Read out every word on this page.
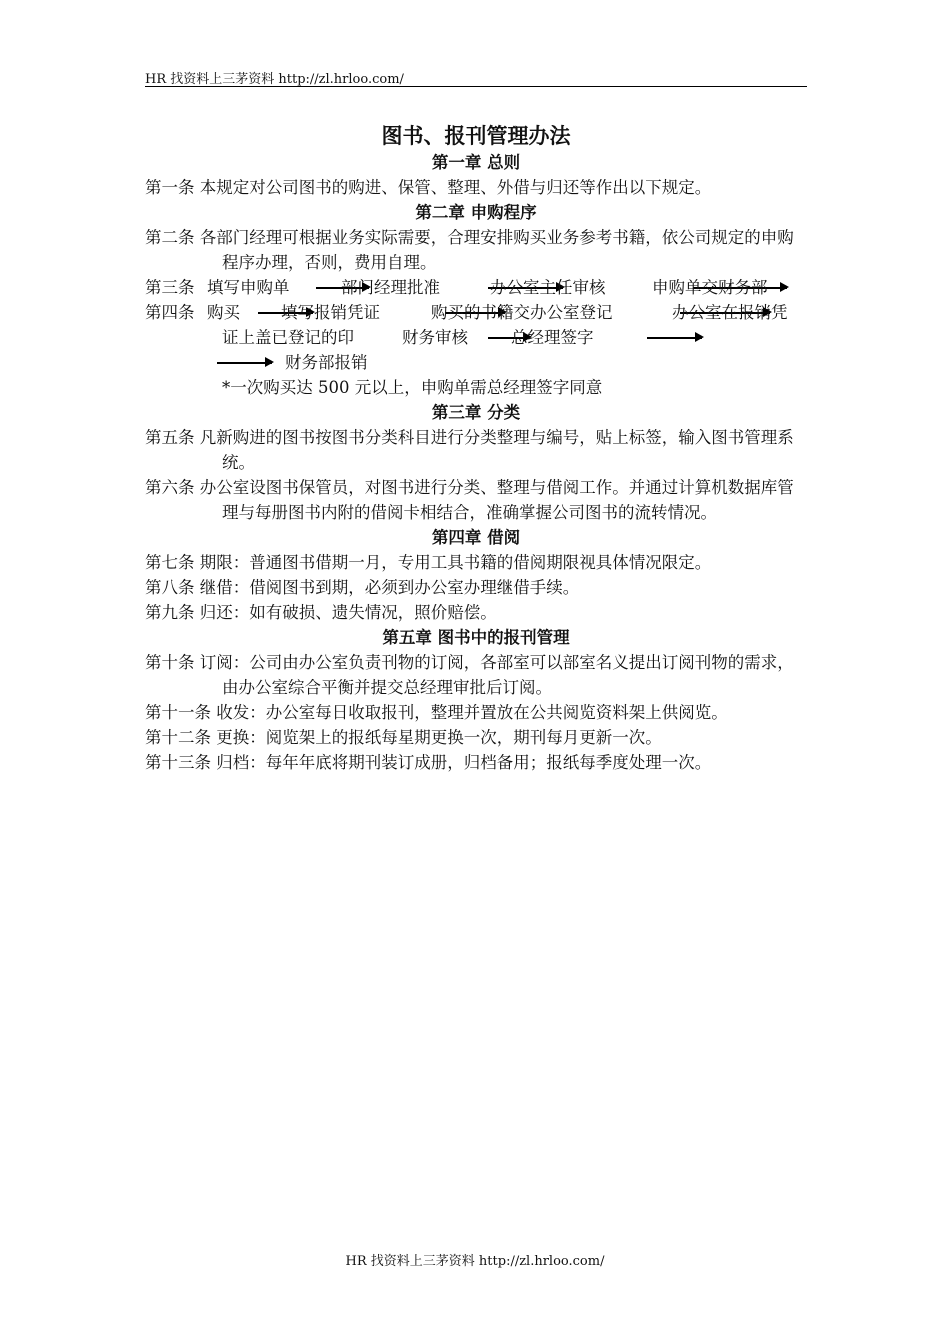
HR 找资料上三茅资料 http://zl.hrloo.com/
图书、报刊管理办法
第一章 总则
第一条 本规定对公司图书的购进、保管、整理、外借与归还等作出以下规定。
第二章 申购程序
第二条 各部门经理可根据业务实际需要，合理安排购买业务参考书籍，依公司规定的申购程序办理，否则，费用自理。
第三条 填写申购单	部门经理批准	办公室主任审核	申购单交财务部
第四条 购买 填写报销凭证	购买的书籍交办公室登记	办公室在报销凭
证上盖已登记的印	财务审核	总经理签字
财务部报销
*一次购买达 500 元以上，申购单需总经理签字同意
第三章 分类
第五条 凡新购进的图书按图书分类科目进行分类整理与编号，贴上标签，输入图书管理系统。
第六条 办公室设图书保管员，对图书进行分类、整理与借阅工作。并通过计算机数据库管理与每册图书内附的借阅卡相结合，准确掌握公司图书的流转情况。
第四章 借阅
第七条 期限：普通图书借期一月，专用工具书籍的借阅期限视具体情况限定。
第八条 继借：借阅图书到期，必须到办公室办理继借手续。
第九条 归还：如有破损、遗失情况，照价赔偿。
第五章 图书中的报刊管理
第十条 订阅：公司由办公室负责刊物的订阅，各部室可以部室名义提出订阅刊物的需求，由办公室综合平衡并提交总经理审批后订阅。
第十一条 收发：办公室每日收取报刊，整理并置放在公共阅览资料架上供阅览。
第十二条 更换：阅览架上的报纸每星期更换一次，期刊每月更新一次。
第十三条 归档：每年年底将期刊装订成册，归档备用；报纸每季度处理一次。
HR 找资料上三茅资料 http://zl.hrloo.com/
